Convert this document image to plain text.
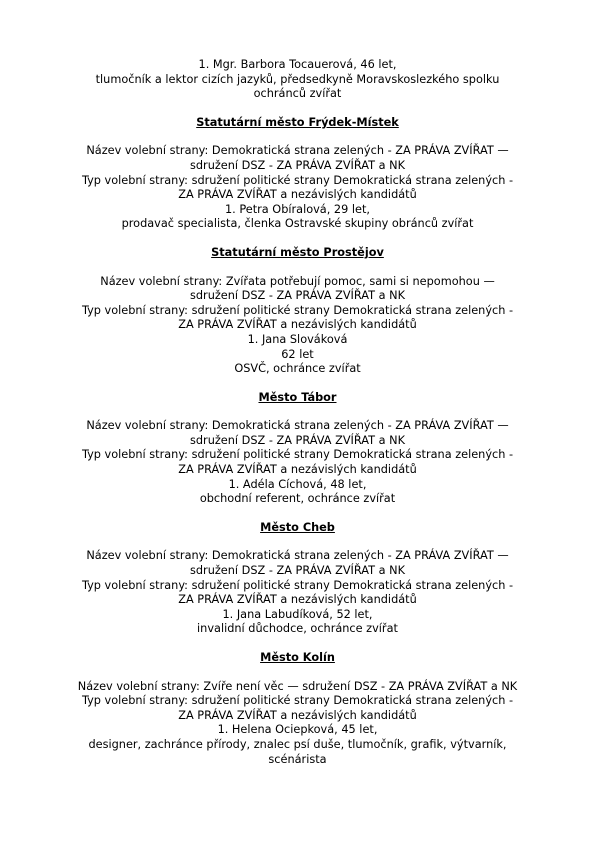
1. Mgr. Barbora Tocauerová, 46 let,
tlumočník a lektor cizích jazyků, předsedkyně Moravskoslezkého spolku
ochránců zvířat
Statutární město Frýdek-Místek
Název volební strany: Demokratická strana zelených - ZA PRÁVA ZVÍŘAT —
sdružení DSZ - ZA PRÁVA ZVÍŘAT a NK
Typ volební strany: sdružení politické strany Demokratická strana zelených -
ZA PRÁVA ZVÍŘAT a nezávislých kandidátů
1. Petra Obíralová, 29 let,
prodavač specialista, členka Ostravské skupiny obránců zvířat
Statutární město Prostějov
Název volební strany: Zvířata potřebují pomoc, sami si nepomohou —
sdružení DSZ - ZA PRÁVA ZVÍŘAT a NK
Typ volební strany: sdružení politické strany Demokratická strana zelených -
ZA PRÁVA ZVÍŘAT a nezávislých kandidátů
1. Jana Slováková
62 let
OSVČ, ochránce zvířat
Město Tábor
Název volební strany: Demokratická strana zelených - ZA PRÁVA ZVÍŘAT —
sdružení DSZ - ZA PRÁVA ZVÍŘAT a NK
Typ volební strany: sdružení politické strany Demokratická strana zelených -
ZA PRÁVA ZVÍŘAT a nezávislých kandidátů
1. Adéla Cíchová, 48 let,
obchodní referent, ochránce zvířat
Město Cheb
Název volební strany: Demokratická strana zelených - ZA PRÁVA ZVÍŘAT —
sdružení DSZ - ZA PRÁVA ZVÍŘAT a NK
Typ volební strany: sdružení politické strany Demokratická strana zelených -
ZA PRÁVA ZVÍŘAT a nezávislých kandidátů
1. Jana Labudíková, 52 let,
invalidní důchodce, ochránce zvířat
Město Kolín
Název volební strany: Zvíře není věc — sdružení DSZ - ZA PRÁVA ZVÍŘAT a NK
Typ volební strany: sdružení politické strany Demokratická strana zelených -
ZA PRÁVA ZVÍŘAT a nezávislých kandidátů
1. Helena Ociepková, 45 let,
designer, zachránce přírody, znalec psí duše, tlumočník, grafik, výtvarník,
scénárista
